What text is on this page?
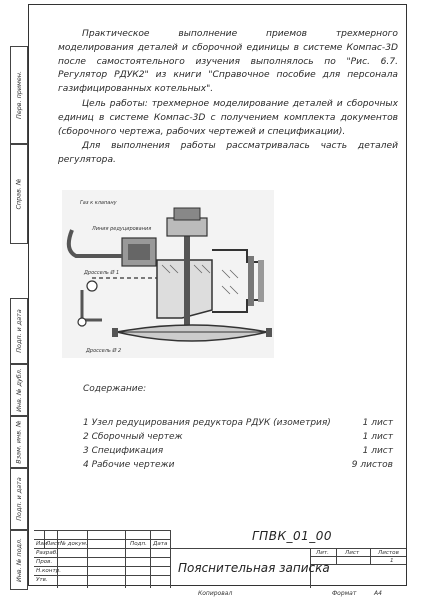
Перв. примен.
Справ. №
Подп. и дата
Инв. № дубл.
Взам. инв. №
Подп. и дата
Инв. № подл.
Практическое выполнение приемов трехмерного моделирования деталей и сборочной единицы в системе Компас-3D после самостоятельного изучения выполнялось по "Рис. 6.7. Регулятор РДУК2" из книги "Справочное пособие для персонала газифицированных котельных".
Цель работы: трехмерное моделирование деталей и сборочных единиц в системе Компас-3D с получением комплекта документов (сборочного чертежа, рабочих чертежей и спецификации).
Для выполнения работы рассматривалась часть деталей регулятора.
Газ к клапану
Линия редуцирования
Дроссель Ø 1
Дроссель Ø 2
Содержание:
1 Узел редуцирования редуктора РДУК (изометрия)	1 лист
2 Сборочный чертеж	1 лист
3 Спецификация	1 лист
4 Рабочие чертежи	9 листов
Изм.
Лист № докум.	Подп. Дата
Разраб.
Пров.
Н.контр.
Утв.
ГПВК_01_00
Пояснительная записка
Лит.	Лист	Листов
1
Копировал	Формат	А4
